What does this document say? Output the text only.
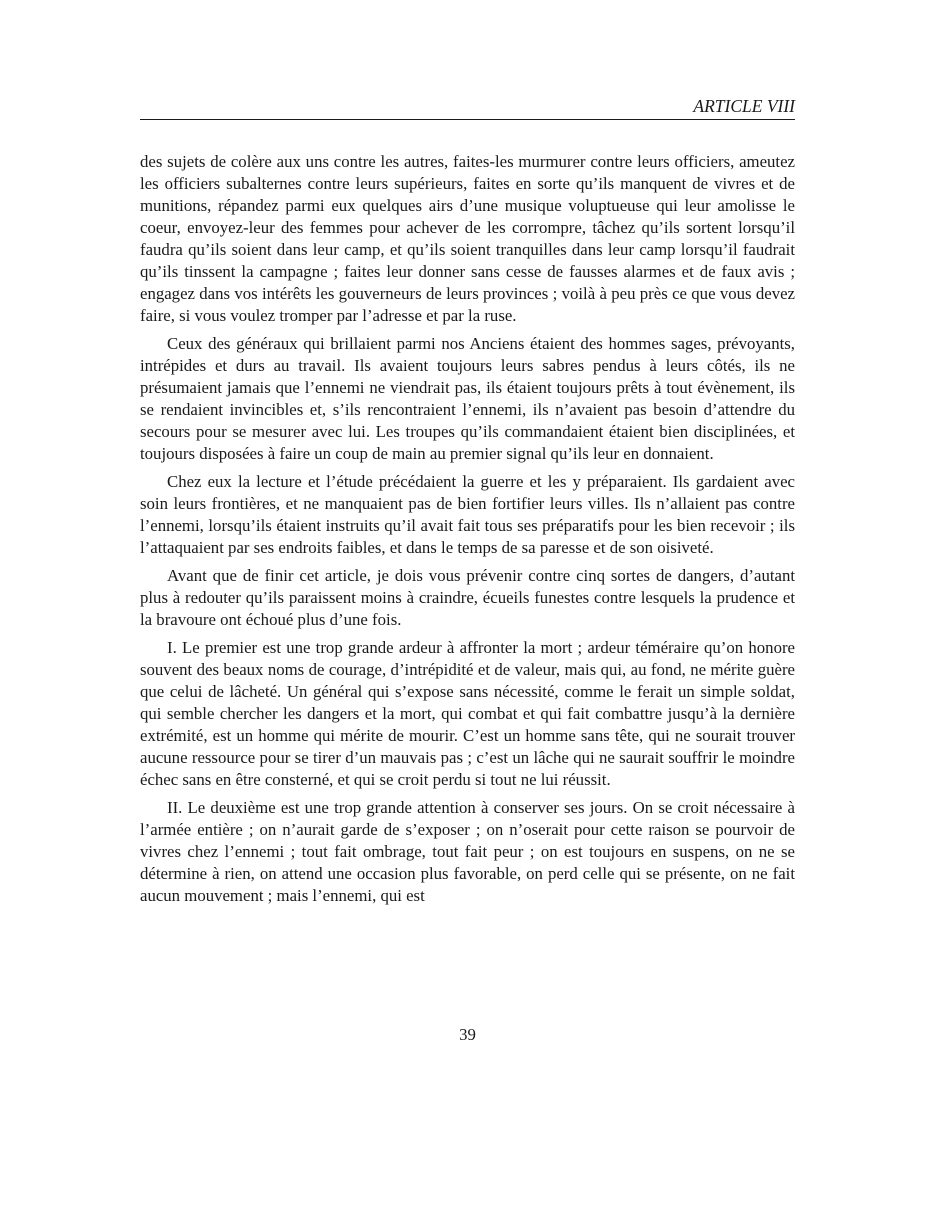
ARTICLE VIII

des sujets de colère aux uns contre les autres, faites-les murmurer contre leurs officiers, ameutez les officiers subalternes contre leurs supérieurs, faites en sorte qu’ils manquent de vivres et de munitions, répandez parmi eux quelques airs d’une musique voluptueuse qui leur amolisse le coeur, envoyez-leur des femmes pour achever de les corrompre, tâchez qu’ils sortent lorsqu’il faudra qu’ils soient dans leur camp, et qu’ils soient tranquilles dans leur camp lorsqu’il faudrait qu’ils tinssent la campagne ; faites leur donner sans cesse de fausses alarmes et de faux avis ; engagez dans vos intérêts les gouverneurs de leurs provinces ; voilà à peu près ce que vous devez faire, si vous voulez tromper par l’adresse et par la ruse.

Ceux des généraux qui brillaient parmi nos Anciens étaient des hommes sages, prévoyants, intrépides et durs au travail. Ils avaient toujours leurs sabres pendus à leurs côtés, ils ne présumaient jamais que l’ennemi ne viendrait pas, ils étaient toujours prêts à tout évènement, ils se rendaient invincibles et, s’ils rencontraient l’ennemi, ils n’avaient pas besoin d’attendre du secours pour se mesurer avec lui. Les troupes qu’ils commandaient étaient bien disciplinées, et toujours disposées à faire un coup de main au premier signal qu’ils leur en donnaient.

Chez eux la lecture et l’étude précédaient la guerre et les y préparaient. Ils gardaient avec soin leurs frontières, et ne manquaient pas de bien fortifier leurs villes. Ils n’allaient pas contre l’ennemi, lorsqu’ils étaient instruits qu’il avait fait tous ses préparatifs pour les bien recevoir ; ils l’attaquaient par ses endroits faibles, et dans le temps de sa paresse et de son oisiveté.

Avant que de finir cet article, je dois vous prévenir contre cinq sortes de dangers, d’autant plus à redouter qu’ils paraissent moins à craindre, écueils funestes contre lesquels la prudence et la bravoure ont échoué plus d’une fois.

I. Le premier est une trop grande ardeur à affronter la mort ; ardeur téméraire qu’on honore souvent des beaux noms de courage, d’intrépidité et de valeur, mais qui, au fond, ne mérite guère que celui de lâcheté. Un général qui s’expose sans nécessité, comme le ferait un simple soldat, qui semble chercher les dangers et la mort, qui combat et qui fait combattre jusqu’à la dernière extrémité, est un homme qui mérite de mourir. C’est un homme sans tête, qui ne sourait trouver aucune ressource pour se tirer d’un mauvais pas ; c’est un lâche qui ne saurait souffrir le moindre échec sans en être consterné, et qui se croit perdu si tout ne lui réussit.

II. Le deuxième est une trop grande attention à conserver ses jours. On se croit nécessaire à l’armée entière ; on n’aurait garde de s’exposer ; on n’oserait pour cette raison se pourvoir de vivres chez l’ennemi ; tout fait ombrage, tout fait peur ; on est toujours en suspens, on ne se détermine à rien, on attend une occasion plus favorable, on perd celle qui se présente, on ne fait aucun mouvement ; mais l’ennemi, qui est

39
